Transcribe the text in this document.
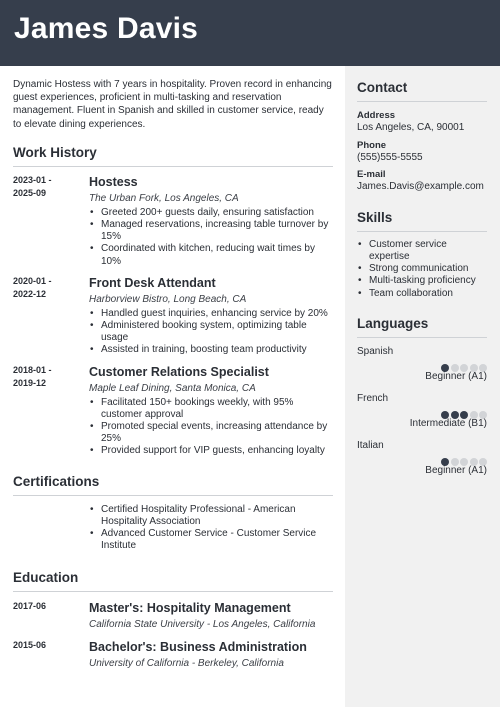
James Davis
Contact
Address
Los Angeles, CA, 90001
Phone
(555)555-5555
E-mail
James.Davis@example.com
Skills
• Customer service expertise
• Strong communication
• Multi-tasking proficiency
• Team collaboration
Languages
Spanish
Beginner (A1)
French
Intermediate (B1)
Italian
Beginner (A1)
Dynamic Hostess with 7 years in hospitality. Proven record in enhancing guest experiences, proficient in multi-tasking and reservation management. Fluent in Spanish and skilled in customer service, ready to elevate dining experiences.
Work History
2023-01 -
2025-09
Hostess
The Urban Fork, Los Angeles, CA
• Greeted 200+ guests daily, ensuring satisfaction
• Managed reservations, increasing table turnover by 15%
• Coordinated with kitchen, reducing wait times by 10%
2020-01 -
2022-12
Front Desk Attendant
Harborview Bistro, Long Beach, CA
• Handled guest inquiries, enhancing service by 20%
• Administered booking system, optimizing table usage
• Assisted in training, boosting team productivity
2018-01 -
2019-12
Customer Relations Specialist
Maple Leaf Dining, Santa Monica, CA
• Facilitated 150+ bookings weekly, with 95% customer approval
• Promoted special events, increasing attendance by 25%
• Provided support for VIP guests, enhancing loyalty
Certifications
• Certified Hospitality Professional - American Hospitality Association
• Advanced Customer Service - Customer Service Institute
Education
2017-06	Master's: Hospitality Management
California State University - Los Angeles, California
2015-06	Bachelor's: Business Administration
University of California - Berkeley, California
